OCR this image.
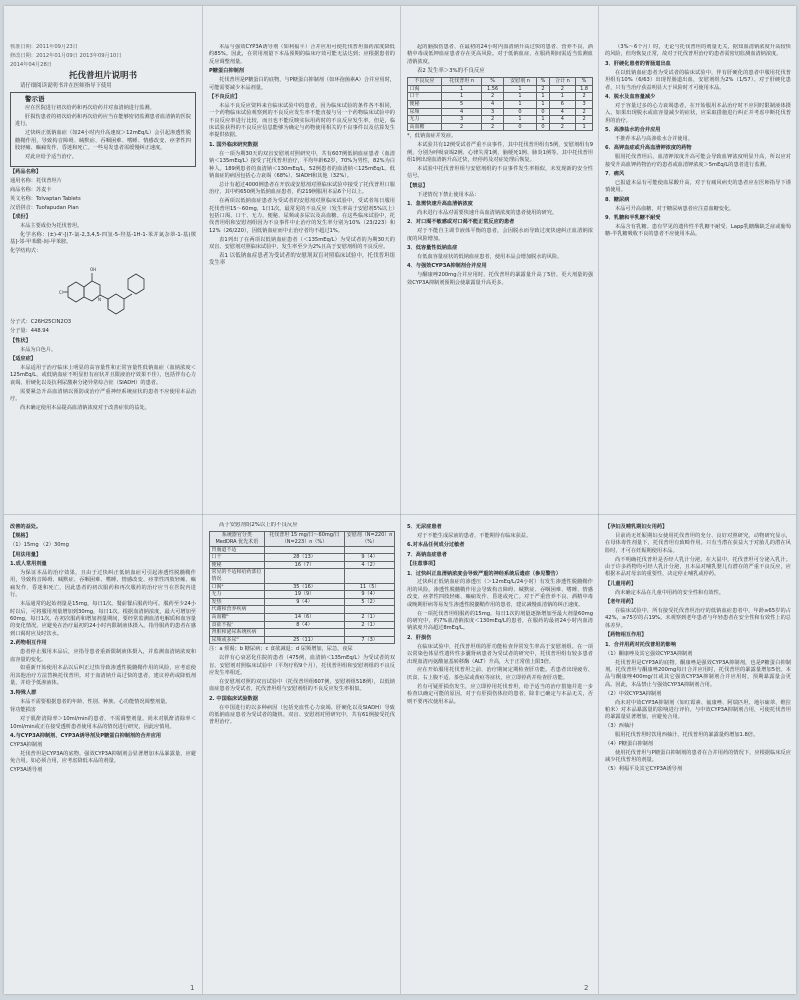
核准日期：2011年09月23日

修改日期：2012年01月09日 2013年09月10日

2014年04月28日

托伐普坦片说明书

请仔细阅读说明书并在医师指导下使用

警示语

应在医院进行初次给药和再次给药并对血清钠进行监测。

肝损伤患者的初次给药和再次给药应当在能够密切监测患者血清钠的医院进行。

过快纠正低钠血症（如24小时内升高速度＞12mEq/L）会引起渗透性脱髓鞘作用，导致构音障碍、缄默症、吞咽困难、嗜睡、情感改变、痉挛性四肢轻瘫、癫痫发作、昏迷和死亡。一些易发患者需缓慢纠正速度。

对此应给予适当治疗。

【药品名称】

通用名称：托伐普坦片

商品名称：苏麦卡

英文名称：Tolvaptan Tablets

汉语拼音：Tuofapudan Pian

【成份】

本品主要成份为托伐普坦。

化学名称：(±)-4'-[(7-氯-2,3,4,5-四氢-5-羟基-1H-1-苯并氮杂䓬-1-基)羰基]-邻-甲苯酰-间-甲苯胺。

化学结构式：

Cl
OH
N

分子式：C26H25ClN2O3

分子量：448.94

【性状】

本品为白色片。

【适应症】

本品适用于治疗临床上明显的高容量性和正常容量性低钠血症（血钠浓度＜125mEq/L，或低钠血症不明显但有症状并且限液治疗效果不佳），包括伴有心力衰竭、肝硬化以及抗利尿激素分泌异常综合征（SIADH）的患者。

需要紧急升高血清钠以预防或治疗严重神经系统症状的患者不应使用本品治疗。

尚未确定使用本品提高血清钠浓度对于改善症状的益处。

本品与强效CYP3A诱导剂（如利福平）合并应用可使托伐普坦血药浓度降低约85%。因此，在常用剂量下本品预期的临床疗效可能无法达到；应根据患者的反应调整剂量。

P糖蛋白抑制剂

托伐普坦是P糖蛋白的底物，与P糖蛋白抑制剂（如环孢菌素A）合并应用时，可能需要减少本品剂量。

【不良反应】

本品不良反应资料来自临床试验中的患者。因为临床试验的条件各不相同，一个药物临床试验观察到的不良反应发生率不能直接与另一个药物临床试验中的不良反应率进行比较，而且也不能反映实际用药时的不良反应发生率。但是，临床试验获得的不良反应信息能够为确定与药物使用相关的不良事件以及估算发生率提供依据。

1. 国外临床研究数据

在一项为期30天的双盲安慰剂对照研究中，共有607例低钠血症患者（血清钠＜135mEq/L）接受了托伐普坦治疗，平均年龄62岁，70%为男性，82%为白种人。189例患者的血清钠＜130mEq/L，52例患者的血清钠＜125mEq/L。低钠血症的病因包括心力衰竭（68%）、SIADH和其他（32%）。

总计有超过4000例患者在开放或安慰剂对照临床试验中接受了托伐普坦口服治疗，其中约650例为低钠血症患者，约219例服用本品6个月以上。

在两项以低钠血症患者为受试者的安慰剂对照临床试验中，受试者每日服用托伐普坦15～60mg，1日1次。最常见的不良反应（发生率高于安慰剂5%以上）包括口渴、口干、无力、便秘、尿频或多尿以及高血糖。在这些临床试验中，托伐普坦组和安慰剂组因为不良事件中止治疗的发生率分别为10%（23/223）和12%（26/220），因低钠血症而中止治疗者均不超过1%。

表1列出了在两项以低钠血症患者（＜135mEq/L）为受试者的为期30天的双盲、安慰剂对照临床试验中，发生率至少为2%且高于安慰剂组的不良反应。

表1 以低钠血症患者为受试者的安慰剂双盲对照临床试验中，托伐普坦组发生率

起的脑损伤患者、在最初的24小时内血清钠升高过快的患者、营养不良、酒精中毒或低钾血症患者存在更高风险。对于低钠血症，在服药期间需适当监测血清钠浓度。

表2 发生率＞3%的不良反应

不良反应	托伐普坦 n	%	安慰剂 n	%	合计 n	%
口渴	1	1.56	1	2	2	1.8
口干	1	2	1	1	1	2
便秘	5	4	1	1	6	3
尿频	4	3	0	0	4	2
无力	3	2	1	1	4	2
高血糖	2	2	0	0	2	1

*，低钠血症并发症。

本试验共有12例受试者严重不良事件，其中托伐普坦组有5例，安慰剂组有9例，分别为呼吸衰竭2例、心律失常1例、脑梗死1例、肺炎1例等。其中托伐普坦组1例出现血清钠升高过快，经停药及对症处理后恢复。

本试验中托伐普坦组与安慰剂组的不良事件发生率相似，未发现新的安全性信号。

【禁忌】

下述情况下禁止使用本品：

1．急需快速升高血清钠浓度

尚未进行本品对需要快速升高血清钠浓度的患者使用的研究。

2．对口渴不敏感或对口渴不能正常反应的患者

对于不能自主调节液体平衡的患者，会因脱水而导致过度快速纠正血清钠浓度的风险增加。

3．低容量性低钠血症

有低血容量症状的低钠血症患者，使用本品会增加脱水的风险。

4．与强效CYP3A抑制剂合并应用

与酮康唑200mg合并应用时，托伐普坦的暴露量升高了5倍。更大剂量的强效CYP3A抑制剂预期会使暴露量升高更多。

（3%～6个月）时，无论与托伐普坦的剂量无关，据知血清钠浓度升高较快的风险，但均恢复正常，故对于托伐普坦治疗的患者需密切监测血清钠浓度。

3．肝硬化患者的胃肠道出血

在以低钠血症患者为受试者的临床试验中，伴有肝硬化的患者中服用托伐普坦组有10%（6/63）出现胃肠道出血，安慰剂组为2%（1/57）。对于肝硬化患者，只有当治疗获益明显大于风险时才可使用本品。

4．脱水及血容量减少

对于容量过多的心力衰竭患者，在开始服用本品治疗时不应同时限制液体摄入，如果出现脱水或血容量减少的症状，应采取措施进行纠正并考虑中断托伐普坦的治疗。

5．高渗盐水的合并应用

不推荐本品与高渗盐水合并使用。

6．高钾血症或升高血清钾浓度的药物

服用托伐普坦后，血清钾浓度升高可能会导致血钾浓度明显升高，所以应对接受升高血钾药物治疗的患者或血清钾浓度＞5mEq/L的患者进行监测。

7．痛风

已报道本品有可能使血尿酸升高，对于有痛风病史的患者应在医师指导下谨慎使用。

8．糖尿病

本品可升高血糖，对于糖尿病患者应注意血糖变化。

9．乳糖和半乳糖不耐受

本品含有乳糖。患有罕见的遗传性半乳糖不耐受、Lapp乳糖酶缺乏症或葡萄糖-半乳糖吸收不良的患者不应使用本品。

改善的益处。

【规格】

（1）15mg （2）30mg

【用法用量】

1.成人常用剂量

为保证本品的治疗效果，且由于过快纠正低钠血症可引起渗透性脱髓鞘作用，导致构音障碍、缄默症、吞咽困难、嗜睡、情感改变、痉挛性四肢轻瘫、癫痫发作、昏迷和死亡，因此患者的初次服药和再次服药的治疗应当在医院内进行。

本品通常的起始剂量是15mg，每日1次。餐前餐后服药均可。服药至少24小时以后，可将服用剂量增加到30mg，每日1次。根据血清钠浓度，最大可增加至60mg，每日1次。在初次服药和增加剂量期间，要经常监测血清电解质和血容量的变化情况。应避免在治疗最初的24小时内限制液体摄入。指导服药的患者在感到口渴时应及时饮水。

2.药物相互作用

患者停止服用本品后，应指导患者重新限制液体摄入，并监测血清钠浓度和血容量的变化。

如重新开始使用本品以后纠正过快导致渗透性脱髓鞘作用的风险，应考虑使用其他治疗方法替换托伐普坦。对于血清钠升高过快的患者，建议停药或降低剂量，并给予低渗液体。

3.特殊人群

本品不需要根据患者的年龄、性别、种族、心功能情况调整剂量。

肾功能损害

对于肌酐清除率＞10ml/min的患者，不需调整剂量。尚未对肌酐清除率＜10ml/min或正在接受透析患者使用本品的情况进行研究，因此应慎用。

4.与CYP3A抑制剂、CYP3A诱导剂及P糖蛋白抑制剂的合并应用

CYP3A抑制剂

托伐普坦是CYP3A的底物。强效CYP3A抑制剂会显著增加本品暴露量，应避免合用。如必须合用，应考虑降低本品的剂量。

CYP3A诱导剂

高于安慰剂组2%以上的不良反应

系统器官分类 MedDRA 优先术语	托伐普坦 15 mg/日～60mg/日（N=223）n（%）	安慰剂（N=220）n（%）
胃肠道不适		
口干	28（13）	9（4）
便秘	16（7）	4（2）
常见的不适和给药部位情况		
口渴ᵃ	35（16）	11（5）
无力	19（9）	9（4）
发热	9（4）	5（2）
代谢和营养疾病		
高血糖ᵇ	14（6）	2（1）
食欲不振ᶜ	8（4）	2（1）
肾脏和泌尿系统疾病		
尿频或多尿ᵈ	25（11）	7（3）

注：a 烦渴；b 糖尿病；c 食欲减退；d 尿频增加，尿急，夜尿

以伴有心衰恶化住院的患者（475例，血清钠＜135mEq/L）为受试者的双盲、安慰剂对照临床试验中（平均疗程9个月），托伐普坦组和安慰剂组的不良反应发生率相近。

在安慰剂对照的双盲试验中（托伐普坦组607例，安慰剂组518例），以低钠血症患者为受试者，托伐普坦组与安慰剂组的不良反应发生率相似。

2. 中国临床试验数据

在中国进行的以多种病因（包括充血性心力衰竭、肝硬化以及SIADH）导致的低钠血症患者为受试者的随机、双盲、安慰剂对照研究中，共有61例接受托伐普坦治疗。

5．无尿症患者

对于不能生成尿液的患者，不能期待有临床获益。

6.对本品任何成分过敏者

7．高钠血症患者

【注意事项】

1．过快纠正血清钠浓度会导致严重的神经系统后遗症（参见警告）

过快纠正低钠血症的渗透压（＞12mEq/L/24小时）有发生渗透性脱髓鞘作用的风险。渗透性脱髓鞘作用会导致构音障碍、缄默症、吞咽困难、嗜睡、情感改变、痉挛性四肢轻瘫、癫痫发作、昏迷或死亡。对于严重营养不良、酒精中毒或晚期肝病等易发生渗透性脱髓鞘作用的患者，建议减慢血清钠的纠正速度。

在一项托伐普坦组服药的15mg，每日1次的剂量逐渐增加至最大剂量60mg的研究中，约7%血清钠浓度＜130mEq/L的患者，在服药的最初24小时内血清钠浓度升高超过8mEq/L。

2．肝损伤

在临床试验中，托伐普坦组的肝功能检查异常发生率高于安慰剂组。在一项以常染色体显性遗传性多囊肾病患者为受试者的研究中，托伐普坦组有较多患者出现血清丙氨酸氨基转移酶（ALT）升高，大于正常值上限3倍。

应在开始服用托伐普坦之前、治疗期间定期检查肝功能。若患者出现疲劳、厌食、右上腹不适、茶色尿或黄疸等症状，应立即停药并检查肝功能。

若有可疑肝损伤发生，应立即停用托伐普坦，给予适当的治疗措施并进一步检查以确定可能的原因。对于有肝损伤体征的患者，除非已确定与本品无关，否则不要再次使用本品。

【孕妇及哺乳期妇女用药】

目前尚无妊娠期妇女使用托伐普坦的充分、良好对照研究。动物研究显示，在母体毒性剂量下，托伐普坦有致畸作用。只有当潜在获益大于对胎儿的潜在风险时，才可在妊娠期使用本品。

尚不明确托伐普坦是否经人乳汁分泌。在大鼠中，托伐普坦可分泌入乳汁。由于许多药物均可经人乳汁分泌，且本品对哺乳婴儿有潜在的严重不良反应，应根据本品对母亲的重要性，决定停止哺乳或停药。

【儿童用药】

尚未确定本品在儿童中用药的安全性和有效性。

【老年用药】

在临床试验中，所有接受托伐普坦治疗的低钠血症患者中，年龄≥65岁的占42%，≥75岁的占19%。未观察到老年患者与年轻患者在安全性和有效性上的总体差异。

【药物相互作用】

1．合并用药对托伐普坦的影响

（1）酮康唑及其它强效CYP3A抑制剂

托伐普坦是CYP3A的底物。酮康唑是强效CYP3A抑制剂，也是P糖蛋白抑制剂。托伐普坦与酮康唑200mg每日合并应用时，托伐普坦的暴露量增加5倍。本品与酮康唑400mg/日或其它强效CYP3A抑制剂合并应用时，预期暴露量会更高。因此，本品禁止与强效CYP3A抑制剂合用。

（2）中效CYP3A抑制剂

尚未对中效CYP3A抑制剂（如红霉素、氟康唑、阿瑞匹坦、地尔硫䓬、维拉帕米）对本品暴露量的影响进行评价。与中效CYP3A抑制剂合用，可使托伐普坦的暴露量显著增加，应避免合用。

（3）西柚汁

服用托伐普坦时饮用西柚汁，托伐普坦的暴露量约增加1.8倍。

（4）P糖蛋白抑制剂

使用托伐普坦与P糖蛋白抑制剂的患者在合并用药的情况下，应根据临床反应减少托伐普坦的剂量。

（5）利福平及其它CYP3A诱导剂

1	2
